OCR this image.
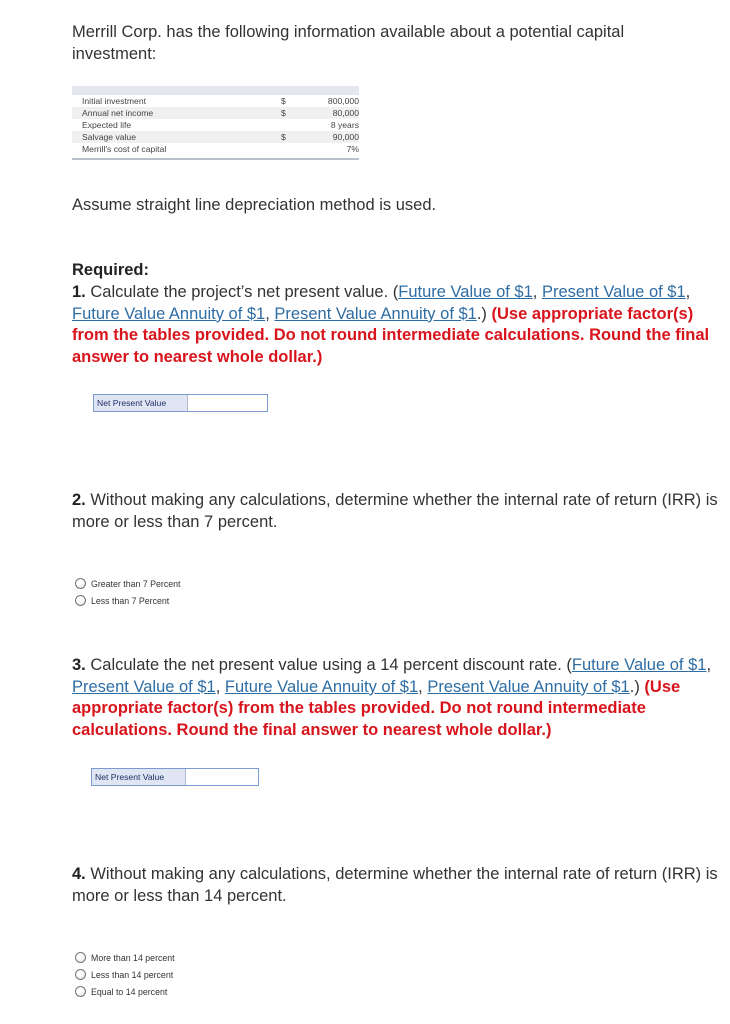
Merrill Corp. has the following information available about a potential capital investment:
Initial investment	$	800,000
Annual net income	$	80,000
Expected life	8 years
Salvage value	$	90,000
Merrill's cost of capital	7%
Assume straight line depreciation method is used.
Required:
1. Calculate the project’s net present value. (Future Value of $1, Present Value of $1, Future Value Annuity of $1, Present Value Annuity of $1.) (Use appropriate factor(s) from the tables provided. Do not round intermediate calculations. Round the final answer to nearest whole dollar.)
Net Present Value
2. Without making any calculations, determine whether the internal rate of return (IRR) is more or less than 7 percent.
Greater than 7 Percent
Less than 7 Percent
3. Calculate the net present value using a 14 percent discount rate. (Future Value of $1, Present Value of $1, Future Value Annuity of $1, Present Value Annuity of $1.) (Use appropriate factor(s) from the tables provided. Do not round intermediate calculations. Round the final answer to nearest whole dollar.)
Net Present Value
4. Without making any calculations, determine whether the internal rate of return (IRR) is more or less than 14 percent.
More than 14 percent
Less than 14 percent
Equal to 14 percent
